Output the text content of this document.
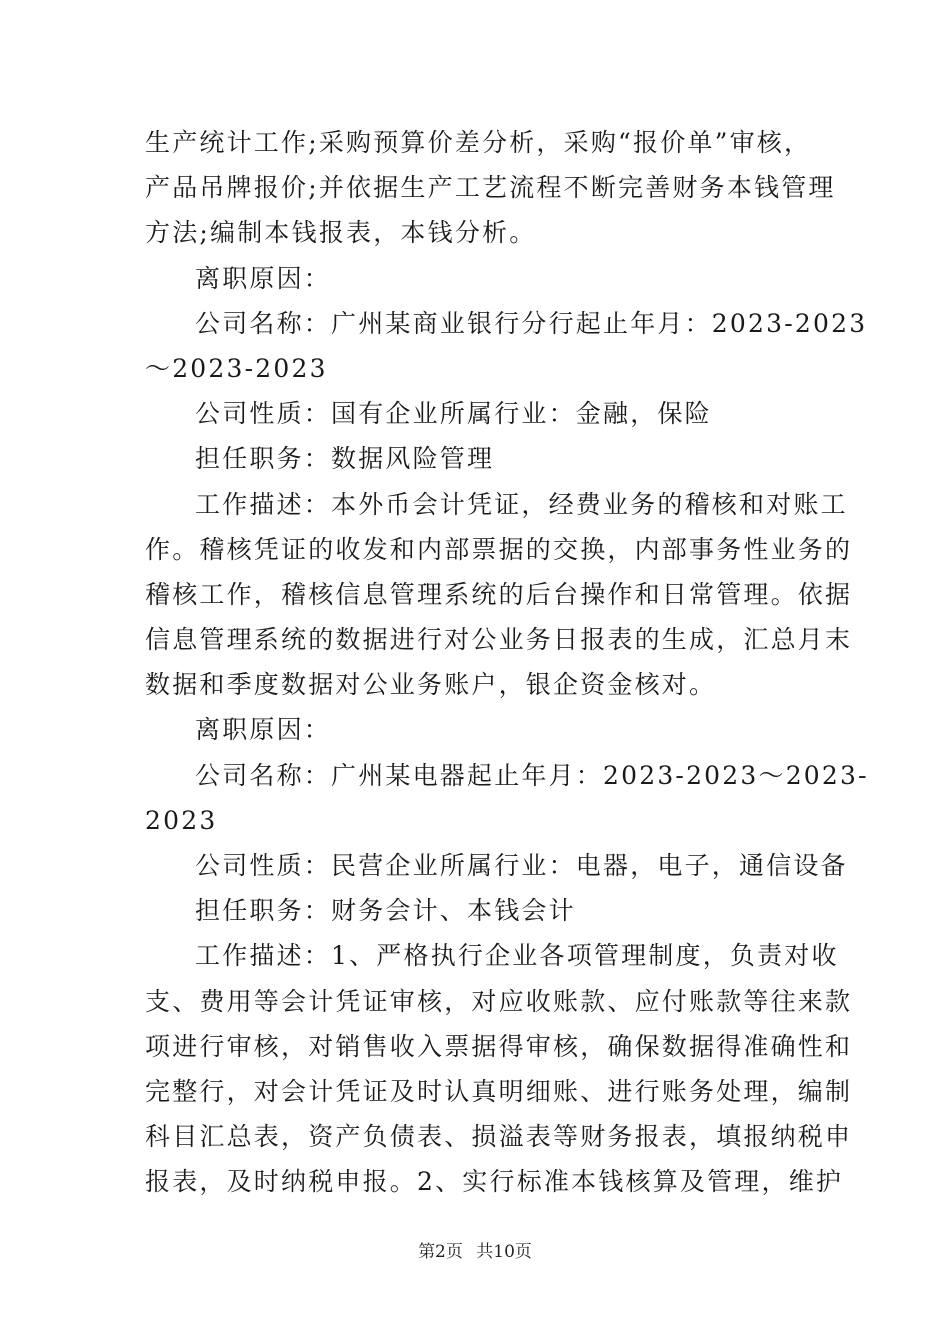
生产统计工作;采购预算价差分析，采购“报价单”审核，
产品吊牌报价;并依据生产工艺流程不断完善财务本钱管理
方法;编制本钱报表，本钱分析。
离职原因：
公司名称：广州某商业银行分行起止年月：2023-2023
～2023-2023
公司性质：国有企业所属行业：金融，保险
担任职务：数据风险管理
工作描述：本外币会计凭证，经费业务的稽核和对账工
作。稽核凭证的收发和内部票据的交换，内部事务性业务的
稽核工作，稽核信息管理系统的后台操作和日常管理。依据
信息管理系统的数据进行对公业务日报表的生成，汇总月末
数据和季度数据对公业务账户，银企资金核对。
离职原因：
公司名称：广州某电器起止年月：2023-2023～2023-
2023
公司性质：民营企业所属行业：电器，电子，通信设备
担任职务：财务会计、本钱会计
工作描述：1、严格执行企业各项管理制度，负责对收
支、费用等会计凭证审核，对应收账款、应付账款等往来款
项进行审核，对销售收入票据得审核，确保数据得准确性和
完整行，对会计凭证及时认真明细账、进行账务处理，编制
科目汇总表，资产负债表、损溢表等财务报表，填报纳税申
报表，及时纳税申报。2、实行标准本钱核算及管理，维护
第2页 共10页
